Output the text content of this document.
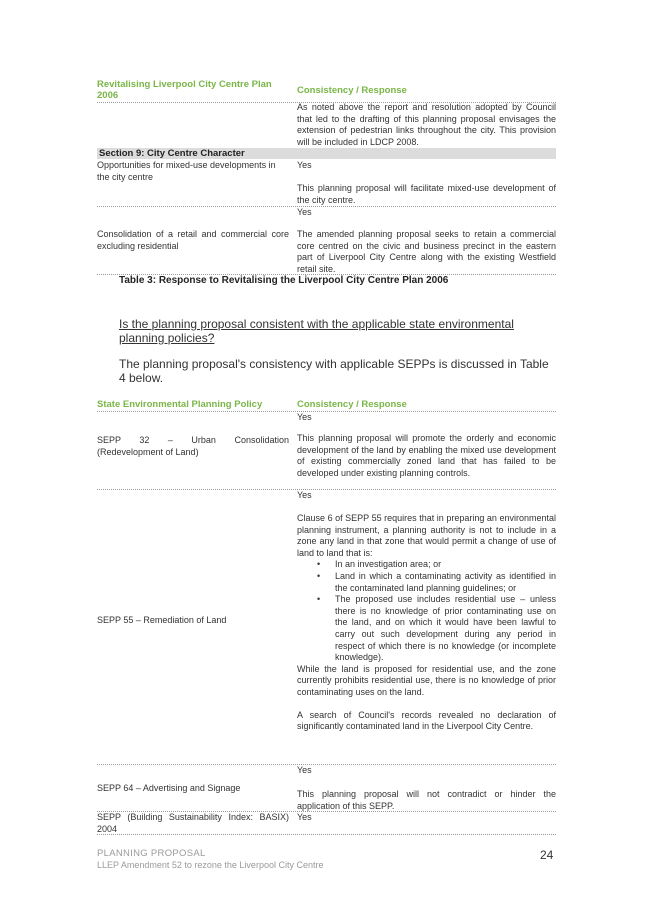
Revitalising Liverpool City Centre Plan 2006	Consistency / Response
As noted above the report and resolution adopted by Council that led to the drafting of this planning proposal envisages the extension of pedestrian links throughout the city. This provision will be included in LDCP 2008.
Section 9: City Centre Character
Opportunities for mixed-use developments in the city centre
Yes
This planning proposal will facilitate mixed-use development of the city centre.
Yes
Consolidation of a retail and commercial core excluding residential
The amended planning proposal seeks to retain a commercial core centred on the civic and business precinct in the eastern part of Liverpool City Centre along with the existing Westfield retail site.
Table 3: Response to Revitalising the Liverpool City Centre Plan 2006
Is the planning proposal consistent with the applicable state environmental planning policies?
The planning proposal's consistency with applicable SEPPs is discussed in Table 4 below.
State Environmental Planning Policy	Consistency / Response
Yes
SEPP 32 – Urban Consolidation (Redevelopment of Land)
This planning proposal will promote the orderly and economic development of the land by enabling the mixed use development of existing commercially zoned land that has failed to be developed under existing planning controls.
Yes
SEPP 55 – Remediation of Land
Clause 6 of SEPP 55 requires that in preparing an environmental planning instrument, a planning authority is not to include in a zone any land in that zone that would permit a change of use of land to land that is:
• In an investigation area; or
• Land in which a contaminating activity as identified in the contaminated land planning guidelines; or
• The proposed use includes residential use – unless there is no knowledge of prior contaminating use on the land, and on which it would have been lawful to carry out such development during any period in respect of which there is no knowledge (or incomplete knowledge).
While the land is proposed for residential use, and the zone currently prohibits residential use, there is no knowledge of prior contaminating uses on the land.
A search of Council's records revealed no declaration of significantly contaminated land in the Liverpool City Centre.
Yes
SEPP 64 – Advertising and Signage
This planning proposal will not contradict or hinder the application of this SEPP.
SEPP (Building Sustainability Index: BASIX) 2004
Yes
PLANNING PROPOSAL
LLEP Amendment 52 to rezone the Liverpool City Centre
24
